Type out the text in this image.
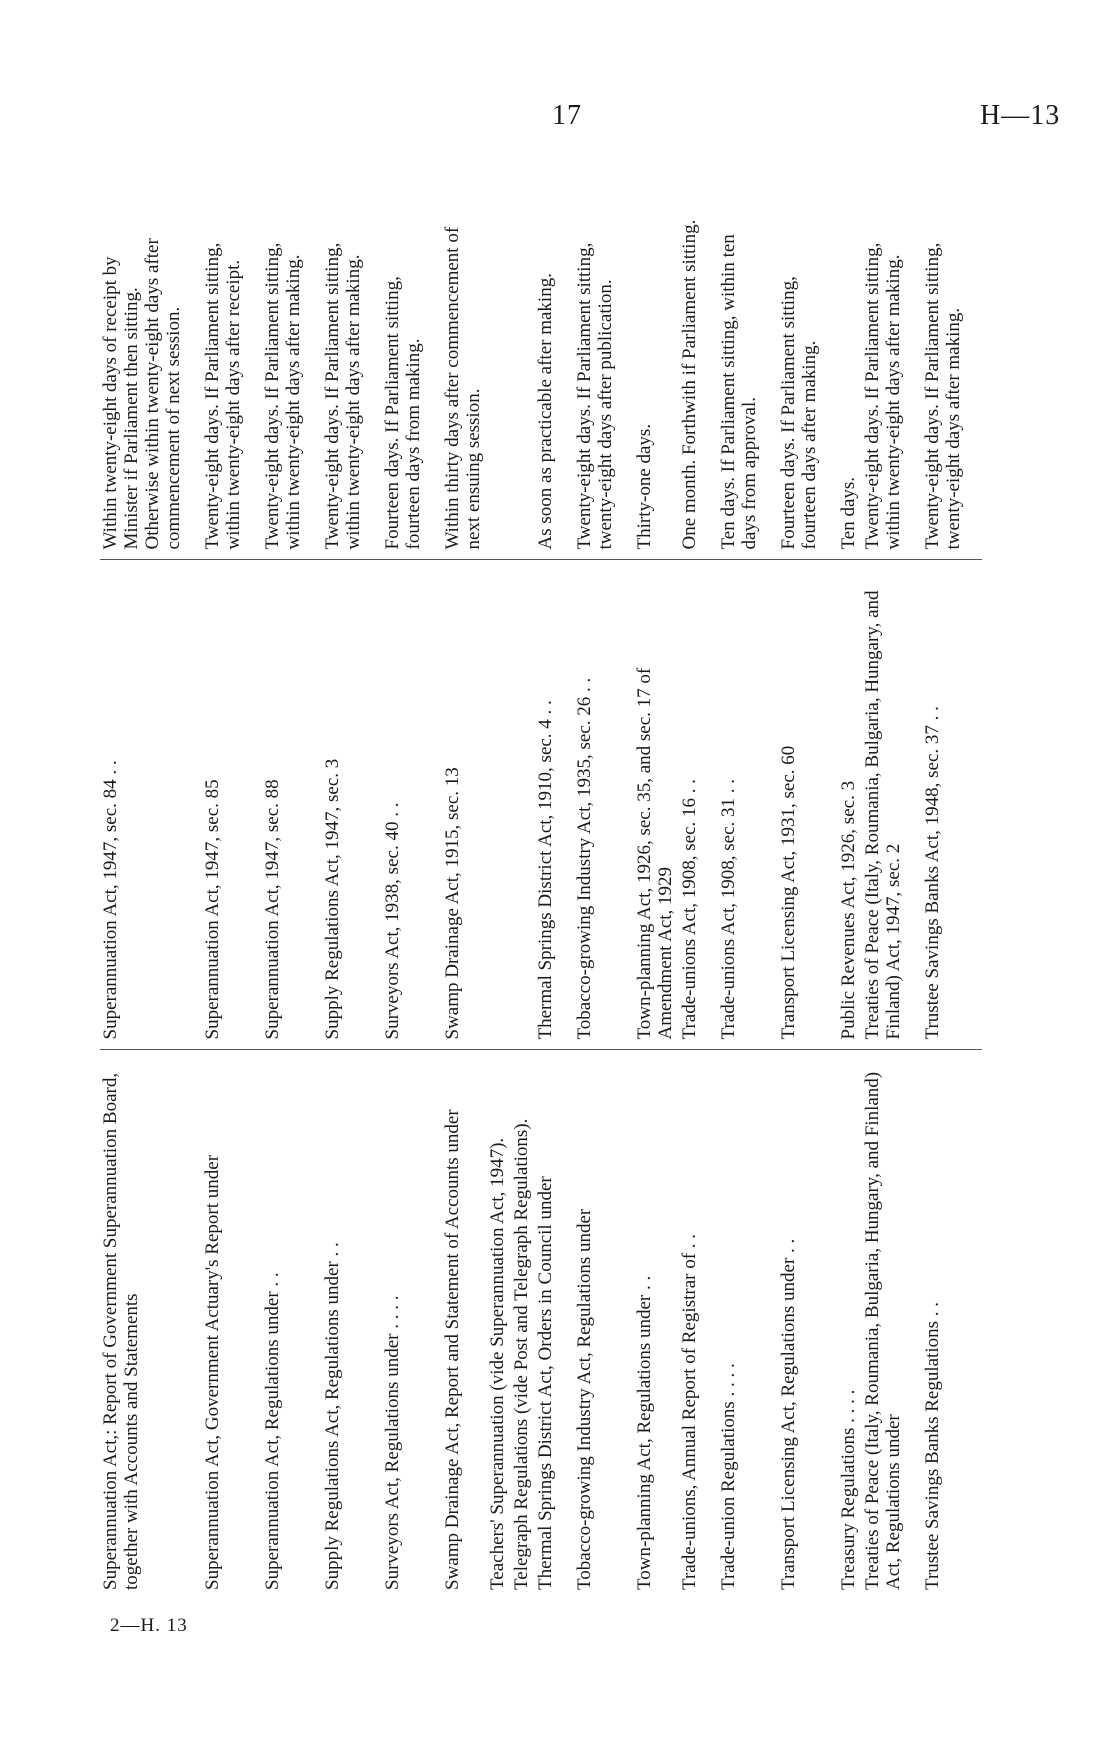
17	H—13
Superannuation Act,: Report of Government Superannuation Board, together with Accounts and Statements	Superannuation Act, 1947, sec. 84 . .	Within twenty-eight days of receipt by Minister if Parliament then sitting. Otherwise within twenty-eight days after commencement of next session.

Superannuation Act, Government Actuary's Report under	Superannuation Act, 1947, sec. 85	Twenty-eight days. If Parliament sitting, within twenty-eight days after receipt.

Superannuation Act, Regulations under . .	Superannuation Act, 1947, sec. 88	Twenty-eight days. If Parliament sitting, within twenty-eight days after making.

Supply Regulations Act, Regulations under . .	Supply Regulations Act, 1947, sec. 3	Twenty-eight days. If Parliament sitting, within twenty-eight days after making.

Surveyors Act, Regulations under . . . .	Surveyors Act, 1938, sec. 40 . .	Fourteen days. If Parliament sitting, fourteen days from making.

Swamp Drainage Act, Report and Statement of Accounts under	Swamp Drainage Act, 1915, sec. 13	Within thirty days after commencement of next ensuing session.

Teachers' Superannuation (vide Superannuation Act, 1947).		

Telegraph Regulations (vide Post and Telegraph Regulations).		

Thermal Springs District Act, Orders in Council under	Thermal Springs District Act, 1910, sec. 4 . .	As soon as practicable after making.

Tobacco-growing Industry Act, Regulations under	Tobacco-growing Industry Act, 1935, sec. 26 . .	Twenty-eight days. If Parliament sitting, twenty-eight days after publication.

Town-planning Act, Regulations under . .	Town-planning Act, 1926, sec. 35, and sec. 17 of Amendment Act, 1929	Thirty-one days.

Trade-unions, Annual Report of Registrar of . .	Trade-unions Act, 1908, sec. 16 . .	One month. Forthwith if Parliament sitting.

Trade-union Regulations . . . .	Trade-unions Act, 1908, sec. 31 . .	Ten days. If Parliament sitting, within ten days from approval.

Transport Licensing Act, Regulations under . .	Transport Licensing Act, 1931, sec. 60	Fourteen days. If Parliament sitting, fourteen days after making.

Treasury Regulations . . . .	Public Revenues Act, 1926, sec. 3	Ten days.

Treaties of Peace (Italy, Roumania, Bulgaria, Hungary, and Finland) Act, Regulations under	Treaties of Peace (Italy, Roumania, Bulgaria, Hungary, and Finland) Act, 1947, sec. 2	Twenty-eight days. If Parliament sitting, within twenty-eight days after making.

Trustee Savings Banks Regulations . .	Trustee Savings Banks Act, 1948, sec. 37 . .	Twenty-eight days. If Parliament sitting, twenty-eight days after making.
2—H. 13
